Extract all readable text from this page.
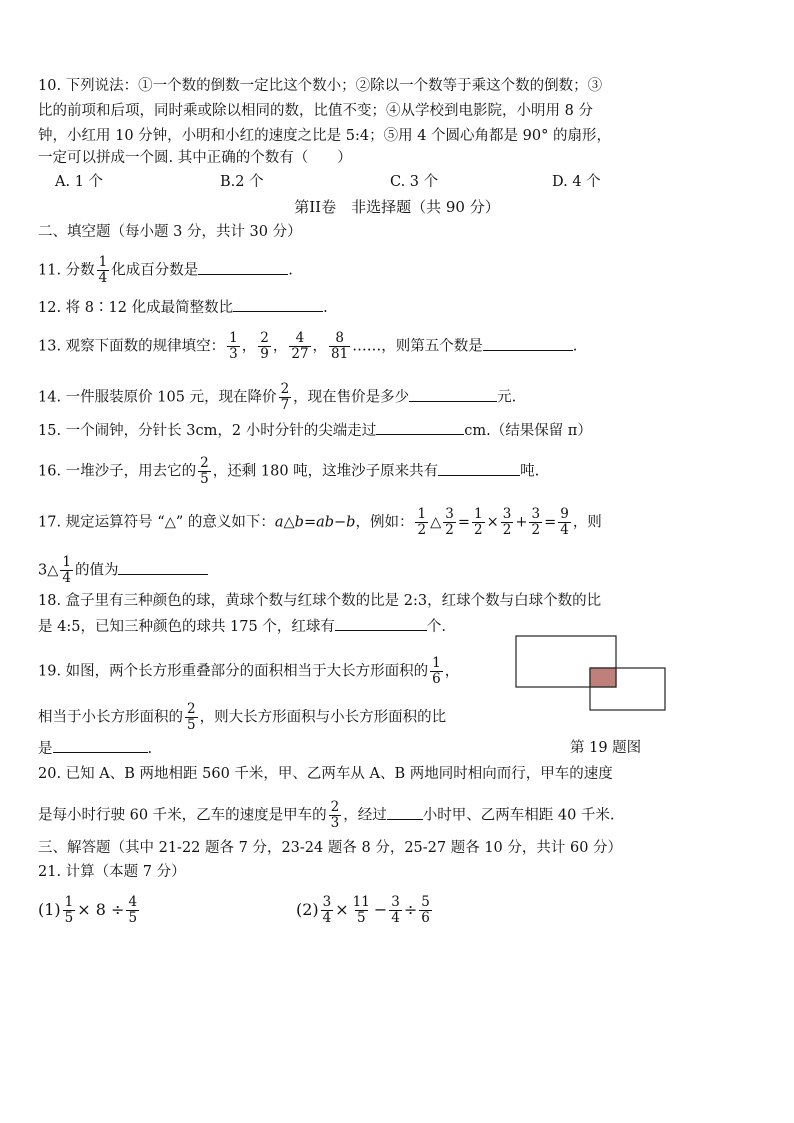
10. 下列说法：①一个数的倒数一定比这个数小；②除以一个数等于乘这个数的倒数；③
比的前项和后项，同时乘或除以相同的数，比值不变；④从学校到电影院，小明用 8 分
钟，小红用 10 分钟，小明和小红的速度之比是 5:4；⑤用 4 个圆心角都是 90° 的扇形，
一定可以拼成一个圆. 其中正确的个数有（　　）
A. 1 个	B.2 个	C. 3 个	D. 4 个
第II卷　非选择题（共 90 分）
二、填空题（每小题 3 分，共计 30 分）
11. 分数 $\frac{1}{4}$ 化成百分数是	.
12. 将 8∶12 化成最简整数比	.
13. 观察下面数的规律填空： $\frac{1}{3}$ ， $\frac{2}{9}$ ， $\frac{4}{27}$ ， $\frac{8}{81}$ ……，则第五个数是	.
14. 一件服装原价 105 元，现在降价 $\frac{2}{7}$ ，现在售价是多少	元.
15. 一个闹钟，分针长 3cm，2 小时分针的尖端走过	cm.（结果保留 π）
16. 一堆沙子，用去它的 $\frac{2}{5}$ ，还剩 180 吨，这堆沙子原来共有	吨.
17. 规定运算符号 “△” 的意义如下：a△b=ab−b，例如： $\frac{1}{2}$ △ $\frac{3}{2} = \frac{1}{2} \times \frac{3}{2} + \frac{3}{2} = \frac{9}{4}$ ，则
3△ $\frac{1}{4}$ 的值为
18. 盒子里有三种颜色的球，黄球个数与红球个数的比是 2:3，红球个数与白球个数的比
是 4:5，已知三种颜色的球共 175 个，红球有	个.
19. 如图，两个长方形重叠部分的面积相当于大长方形面积的 $\frac{1}{6}$ ，
相当于小长方形面积的 $\frac{2}{5}$ ，则大长方形面积与小长方形面积的比
是	.	第 19 题图
20. 已知 A、B 两地相距 560 千米，甲、乙两车从 A、B 两地同时相向而行，甲车的速度
是每小时行驶 60 千米，乙车的速度是甲车的 $\frac{2}{3}$ ，经过 小时甲、乙两车相距 40 千米.
三、解答题（其中 21-22 题各 7 分，23-24 题各 8 分，25-27 题各 10 分，共计 60 分）
21. 计算（本题 7 分）
$(1) \frac{1}{5} \times 8 \div \frac{4}{5}$	$(2) \frac{3}{4} \times \frac{11}{5} - \frac{3}{4} \div \frac{5}{6}$
